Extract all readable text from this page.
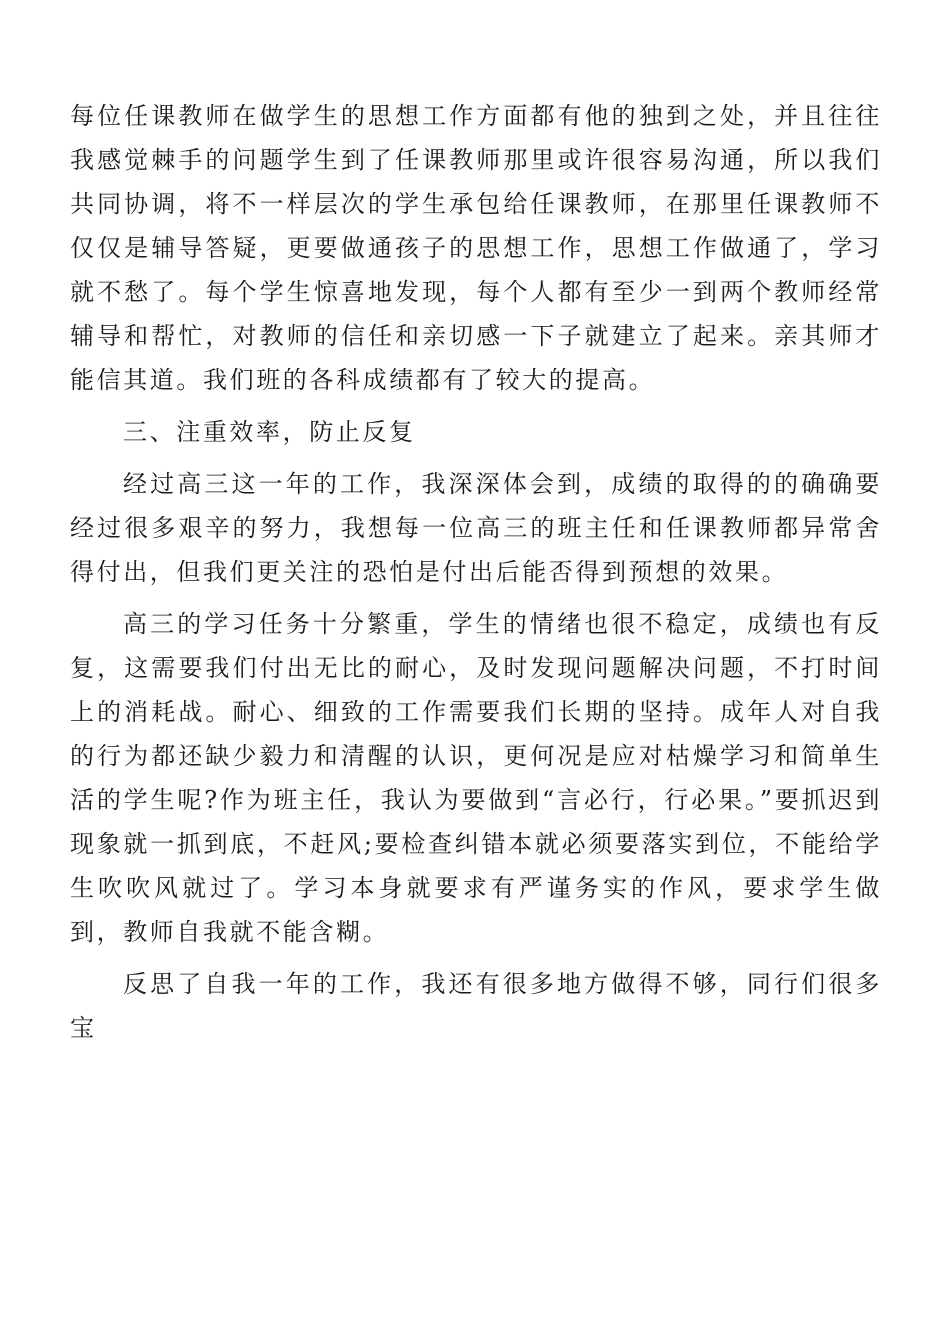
每位任课教师在做学生的思想工作方面都有他的独到之处，并且往往我感觉棘手的问题学生到了任课教师那里或许很容易沟通，所以我们共同协调，将不一样层次的学生承包给任课教师，在那里任课教师不仅仅是辅导答疑，更要做通孩子的思想工作，思想工作做通了，学习就不愁了。每个学生惊喜地发现，每个人都有至少一到两个教师经常辅导和帮忙，对教师的信任和亲切感一下子就建立了起来。亲其师才能信其道。我们班的各科成绩都有了较大的提高。

三、注重效率，防止反复

经过高三这一年的工作，我深深体会到，成绩的取得的的确确要经过很多艰辛的努力，我想每一位高三的班主任和任课教师都异常舍得付出，但我们更关注的恐怕是付出后能否得到预想的效果。

高三的学习任务十分繁重，学生的情绪也很不稳定，成绩也有反复，这需要我们付出无比的耐心，及时发现问题解决问题，不打时间上的消耗战。耐心、细致的工作需要我们长期的坚持。成年人对自我的行为都还缺少毅力和清醒的认识，更何况是应对枯燥学习和简单生活的学生呢?作为班主任，我认为要做到“言必行，行必果。”要抓迟到现象就一抓到底，不赶风;要检查纠错本就必须要落实到位，不能给学生吹吹风就过了。学习本身就要求有严谨务实的作风，要求学生做到，教师自我就不能含糊。

反思了自我一年的工作，我还有很多地方做得不够，同行们很多宝
